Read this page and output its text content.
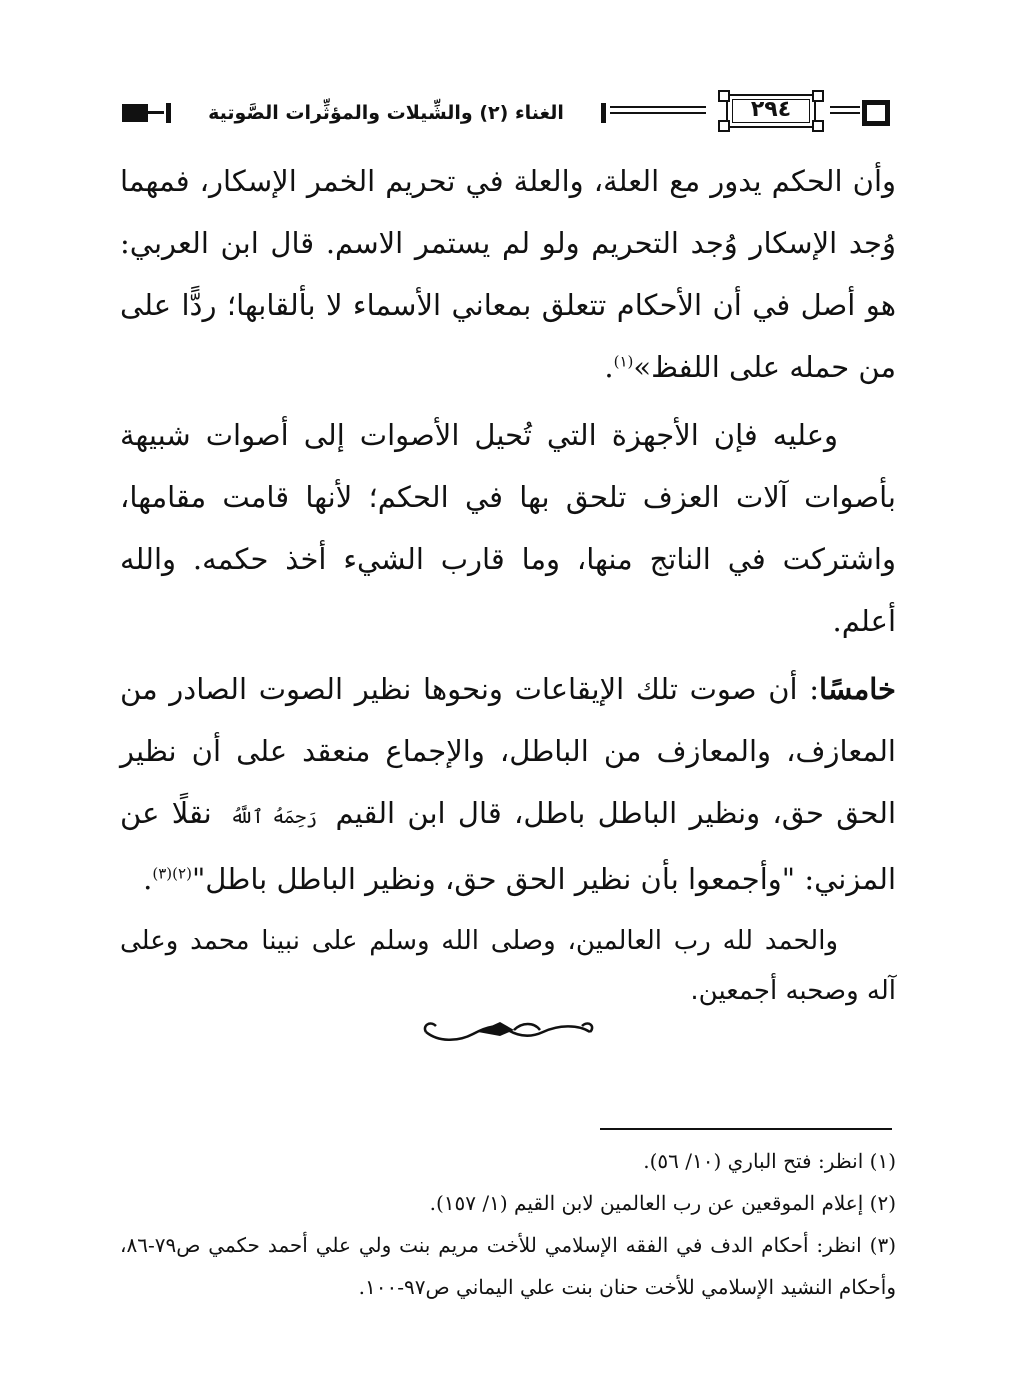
الغناء (٢) والشِّيلات والمؤثِّرات الصَّوتية	٢٩٤

وأن الحكم يدور مع العلة، والعلة في تحريم الخمر الإسكار، فمهما وُجد الإسكار وُجد التحريم ولو لم يستمر الاسم. قال ابن العربي: هو أصل في أن الأحكام تتعلق بمعاني الأسماء لا بألقابها؛ ردًّا على من حمله على اللفظ»$^{(١)}$.

وعليه فإن الأجهزة التي تُحيل الأصوات إلى أصوات شبيهة بأصوات آلات العزف تلحق بها في الحكم؛ لأنها قامت مقامها، واشتركت في الناتج منها، وما قارب الشيء أخذ حكمه. والله أعلم.

خامسًا: أن صوت تلك الإيقاعات ونحوها نظير الصوت الصادر من المعازف، والمعازف من الباطل، والإجماع منعقد على أن نظير الحق حق، ونظير الباطل باطل، قال ابن القيم رَحِمَهُ ٱللَّهُ نقلًا عن المزني: "وأجمعوا بأن نظير الحق حق، ونظير الباطل باطل"$^{(٢)(٣)}$.

والحمد لله رب العالمين، وصلى الله وسلم على نبينا محمد وعلى آله وصحبه أجمعين.

(١) انظر: فتح الباري (١٠/ ٥٦).

(٢) إعلام الموقعين عن رب العالمين لابن القيم (١/ ١٥٧).

(٣) انظر: أحكام الدف في الفقه الإسلامي للأخت مريم بنت ولي علي أحمد حكمي ص٧٩-٨٦، وأحكام النشيد الإسلامي للأخت حنان بنت علي اليماني ص٩٧-١٠٠.
